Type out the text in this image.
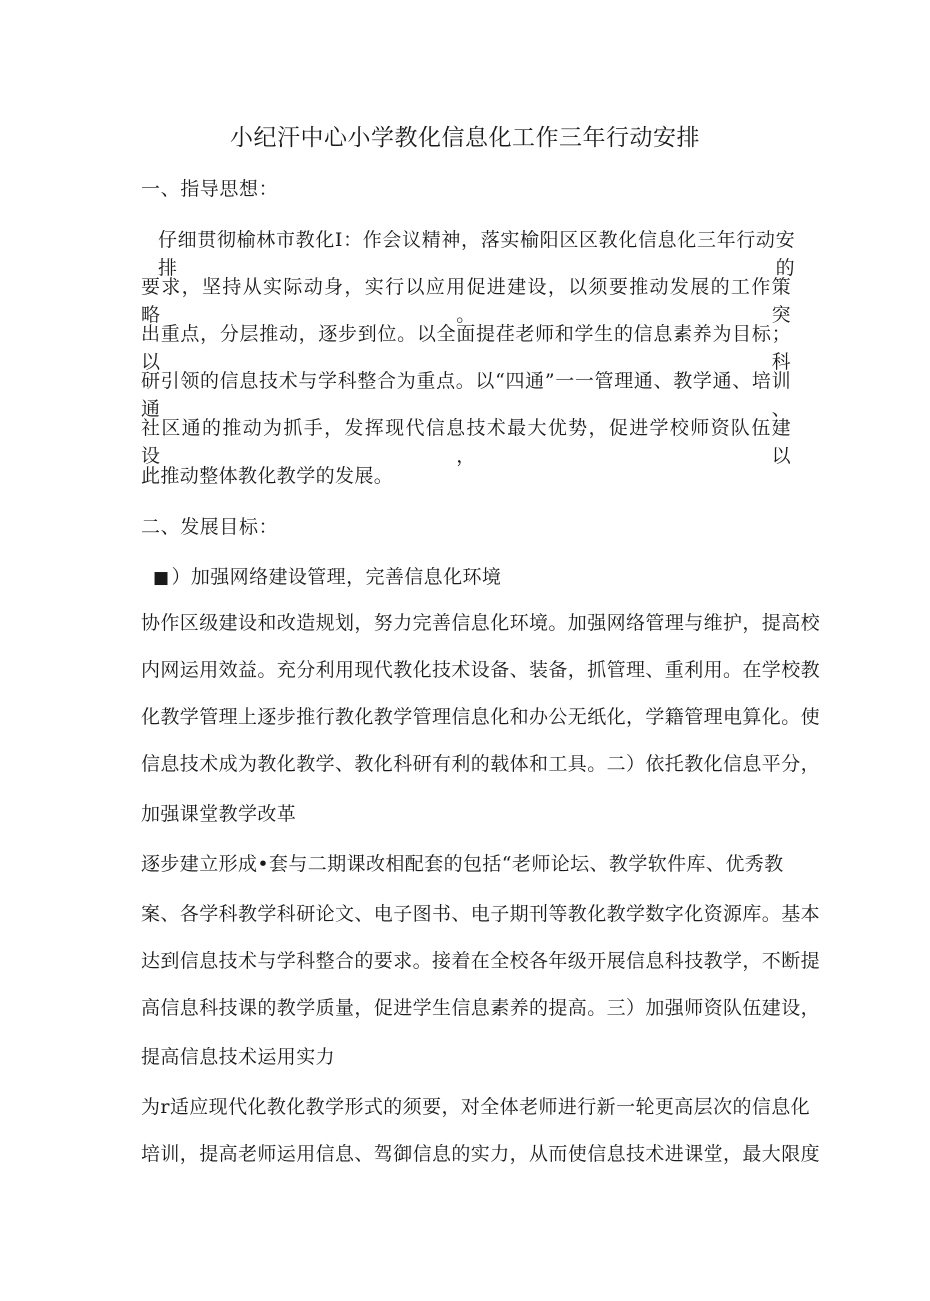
小纪汗中心小学教化信息化工作三年行动安排
一、指导思想：
仔细贯彻榆林市教化I：作会议精神，落实榆阳区区教化信息化三年行动安排的
要求，坚持从实际动身，实行以应用促进建设，以须要推动发展的工作策略。突
出重点，分层推动，逐步到位。以全面提荏老师和学生的信息素养为目标；以科
研引领的信息技术与学科整合为重点。以“四通”一一管理通、教学通、培训通、
社区通的推动为抓手，发挥现代信息技术最大优势，促进学校师资队伍建设，以
此推动整体教化教学的发展。
二、发展目标：
■ ）加强网络建设管理，完善信息化环境
协作区级建设和改造规划，努力完善信息化环境。加强网络管理与维护，提高校
内网运用效益。充分利用现代教化技术设备、装备，抓管理、重利用。在学校教
化教学管理上逐步推行教化教学管理信息化和办公无纸化，学籍管理电算化。使
信息技术成为教化教学、教化科研有利的载体和工具。二）依托教化信息平分，
加强课堂教学改革
逐步建立形成•套与二期课改相配套的包括“老师论坛、教学软件库、优秀教
案、各学科教学科研论文、电子图书、电子期刊等教化教学数字化资源库。基本
达到信息技术与学科整合的要求。接着在全校各年级开展信息科技教学，不断提
高信息科技课的教学质量，促进学生信息素养的提高。三）加强师资队伍建设，
提高信息技术运用实力
为r适应现代化教化教学形式的须要，对全体老师进行新一轮更高层次的信息化
培训，提高老师运用信息、驾御信息的实力，从而使信息技术进课堂，最大限度
